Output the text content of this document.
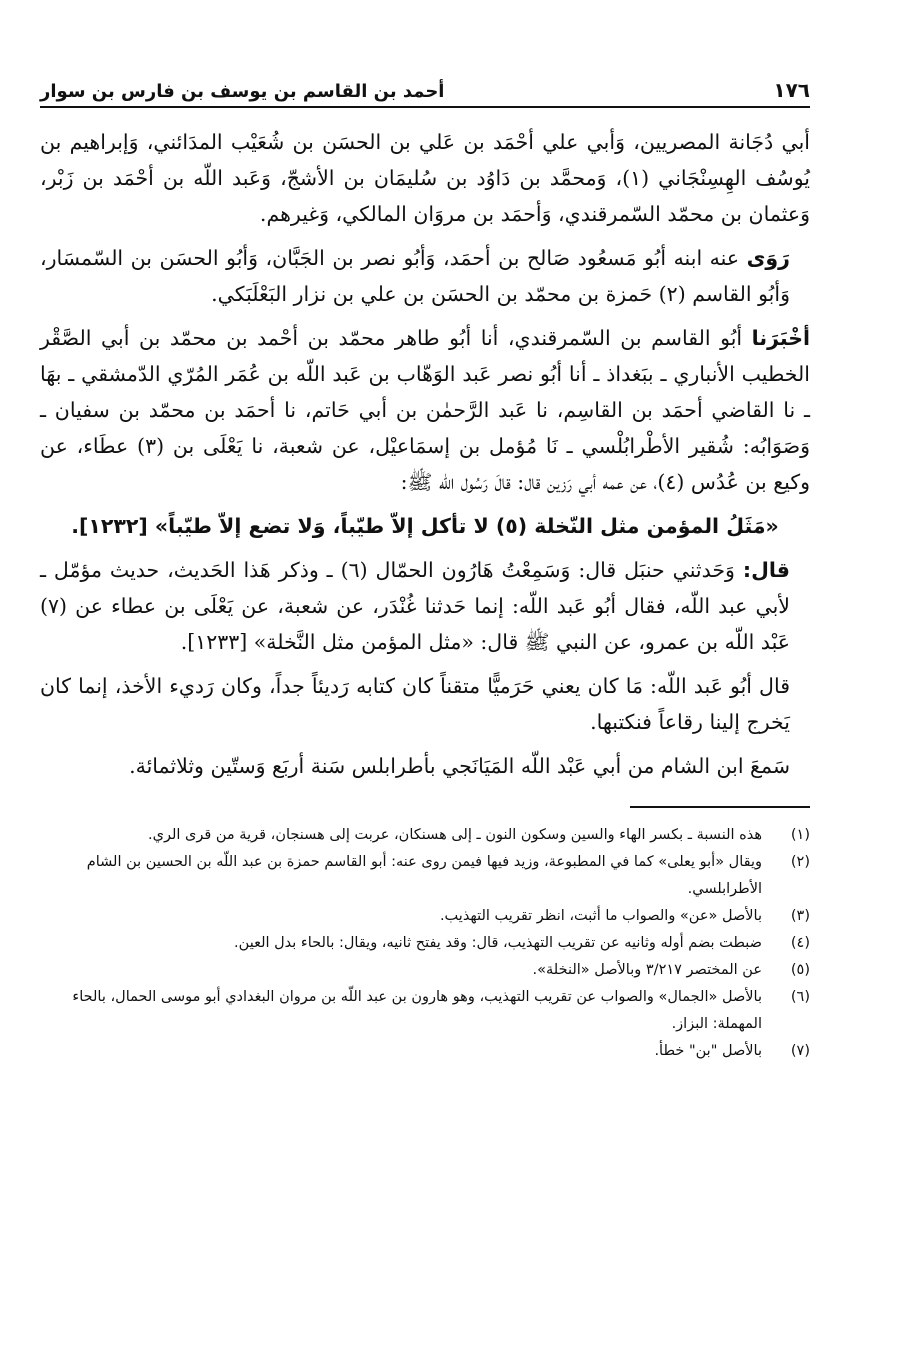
١٧٦
أحمد بن القاسم بن يوسف بن فارس بن سوار

أبي دُجَانة المصريين، وَأبي علي أحْمَد بن عَلي بن الحسَن بن شُعَيْب المدَائني، وَإبراهيم بن يُوسُف الهِسِنْجَاني (١)، وَمحمَّد بن دَاوُد بن سُليمَان بن الأشجّ، وَعَبد اللّه بن أحْمَد بن زَبْر، وَعثمان بن محمّد السّمرقندي، وَأحمَد بن مروَان المالكي، وَغيرهم.

رَوَى عنه ابنه أبُو مَسعُود صَالح بن أحمَد، وَأبُو نصر بن الجَبَّان، وَأبُو الحسَن بن السّمسَار، وَأبُو القاسم (٢) حَمزة بن محمّد بن الحسَن بن علي بن نزار البَعْلَبَكي.

أخْبَرَنا أبُو القاسم بن السّمرقندي، أنا أبُو طاهر محمّد بن أحْمد بن محمّد بن أبي الصَّقْر الخطيب الأنباري ـ ببَغداذ ـ أنا أبُو نصر عَبد الوَهّاب بن عَبد اللّه بن عُمَر المُرّي الدّمشقي ـ بهَا ـ نا القاضي أحمَد بن القاسِم، نا عَبد الرَّحمٰن بن أبي حَاتم، نا أحمَد بن محمّد بن سفيان ـ وَصَوَابُه: شُقير الأطْرابُلْسي ـ نَا مُؤمل بن إسمَاعيْل، عن شعبة، نا يَعْلَى بن (٣) عطَاء، عن وكيع بن عُدُس (٤)، عن عمه أبي رَزين قال: قالَ رَسُول الله ﷺ:

«مَثَلُ المؤمن مثل النّخلة (٥) لا تأكل إلاّ طيّباً، وَلا تضع إلاّ طيّباً» [١٢٣٢].

قال: وَحَدثني حنبَل قال: وَسَمِعْتُ هَارُون الحمّال (٦) ـ وذكر هَذا الحَديث، حديث مؤمّل ـ لأبي عبد اللّه، فقال أبُو عَبد اللّه: إنما حَدثنا غُنْدَر، عن شعبة، عن يَعْلَى بن عطاء عن (٧) عَبْد اللّه بن عمرو، عن النبي ﷺ قال: «مثل المؤمن مثل النَّخلة» [١٢٣٣].

قال أبُو عَبد اللّه: مَا كان يعني حَرَميًّا متقناً كان كتابه رَديئاً جداً، وكان رَديء الأخذ، إنما كان يَخرج إلينا رقاعاً فنكتبها.

سَمعَ ابن الشام من أبي عَبْد اللّه المَيَانَجي بأطرابلس سَنة أربَع وَستّين وثلاثمائة.

(١)
هذه النسبة ـ بكسر الهاء والسين وسكون النون ـ إلى هسنكان، عربت إلى هسنجان، قرية من قرى الري.
(٢)
ويقال «أبو يعلى» كما في المطبوعة، وزيد فيها فيمن روى عنه: أبو القاسم حمزة بن عبد اللّه بن الحسين بن الشام الأطرابلسي.
(٣)
بالأصل «عن» والصواب ما أثبت، انظر تقريب التهذيب.
(٤)
ضبطت بضم أوله وثانيه عن تقريب التهذيب، قال: وقد يفتح ثانيه، ويقال: بالحاء بدل العين.
(٥)
عن المختصر ٣/٢١٧ وبالأصل «النخلة».
(٦)
بالأصل «الجمال» والصواب عن تقريب التهذيب، وهو هارون بن عبد اللّه بن مروان البغدادي أبو موسى الحمال، بالحاء المهملة: البزاز.
(٧)
بالأصل "بن" خطأ.
